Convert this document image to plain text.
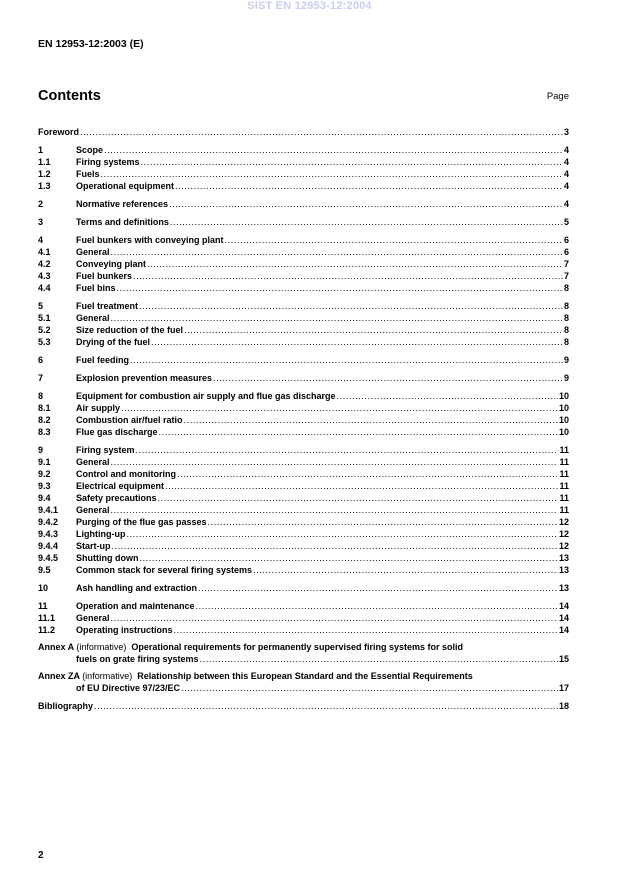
SIST EN 12953-12:2004
EN 12953-12:2003 (E)
Contents	Page
Foreword .....	3
1	Scope .....	4
1.1	Firing systems .....	4
1.2	Fuels .....	4
1.3	Operational equipment .....	4
2	Normative references .....	4
3	Terms and definitions .....	5
4	Fuel bunkers with conveying plant .....	6
4.1	General .....	6
4.2	Conveying plant .....	7
4.3	Fuel bunkers .....	7
4.4	Fuel bins .....	8
5	Fuel treatment .....	8
5.1	General .....	8
5.2	Size reduction of the fuel .....	8
5.3	Drying of the fuel .....	8
6	Fuel feeding .....	9
7	Explosion prevention measures .....	9
8	Equipment for combustion air supply and flue gas discharge .....	10
8.1	Air supply .....	10
8.2	Combustion air/fuel ratio .....	10
8.3	Flue gas discharge .....	10
9	Firing system .....	11
9.1	General .....	11
9.2	Control and monitoring .....	11
9.3	Electrical equipment .....	11
9.4	Safety precautions .....	11
9.4.1	General .....	11
9.4.2	Purging of the flue gas passes .....	12
9.4.3	Lighting-up .....	12
9.4.4	Start-up .....	12
9.4.5	Shutting down .....	13
9.5	Common stack for several firing systems .....	13
10	Ash handling and extraction .....	13
11	Operation and maintenance .....	14
11.1	General .....	14
11.2	Operating instructions .....	14
Annex A (informative) Operational requirements for permanently supervised firing systems for solid
fuels on grate firing systems .....	15
Annex ZA (informative) Relationship between this European Standard and the Essential Requirements
of EU Directive 97/23/EC .....	17
Bibliography .....	18
2
